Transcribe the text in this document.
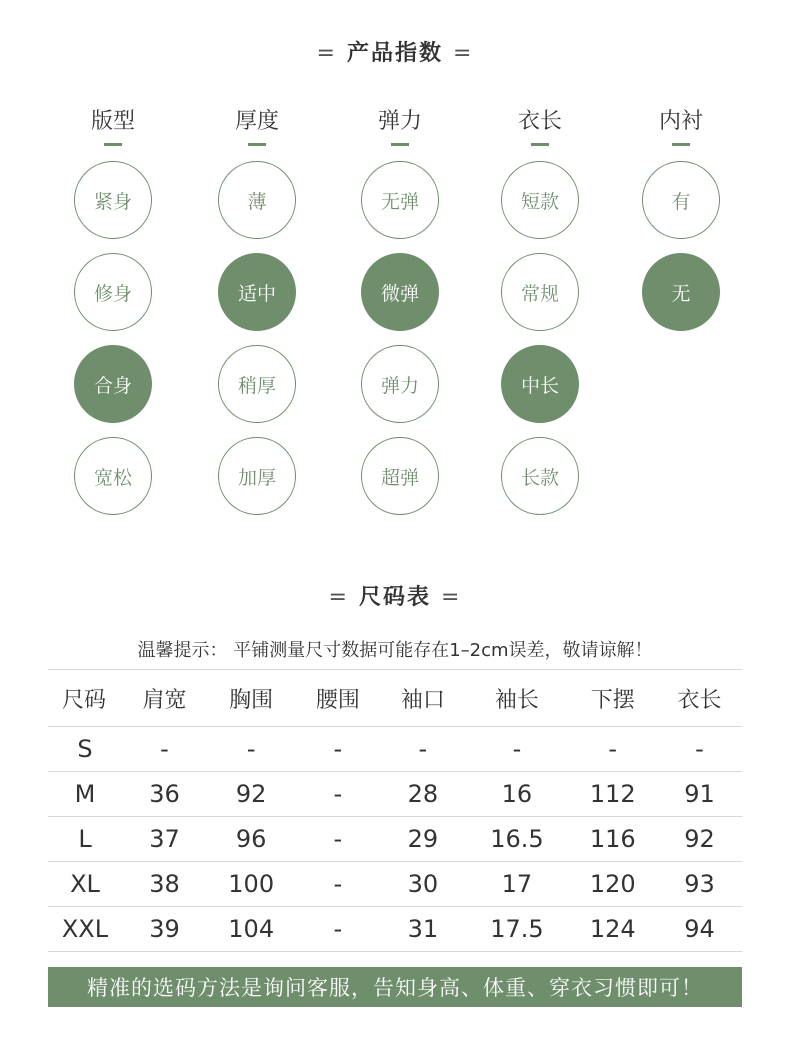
= 产品指数 =
版型	厚度	弹力	衣长	内衬
紧身
修身
合身
宽松
薄
适中
稍厚
加厚
无弹
微弹
弹力
超弹
短款
常规
中长
长款
有
无
= 尺码表 =
温馨提示： 平铺测量尺寸数据可能存在1–2cm误差，敬请谅解！
尺码	肩宽	胸围	腰围	袖口	袖长	下摆	衣长
S	-	-	-	-	-	-	-
M	36	92	-	28	16	112	91
L	37	96	-	29	16.5	116	92
XL	38	100	-	30	17	120	93
XXL	39	104	-	31	17.5	124	94
精准的选码方法是询问客服，告知身高、体重、穿衣习惯即可！
